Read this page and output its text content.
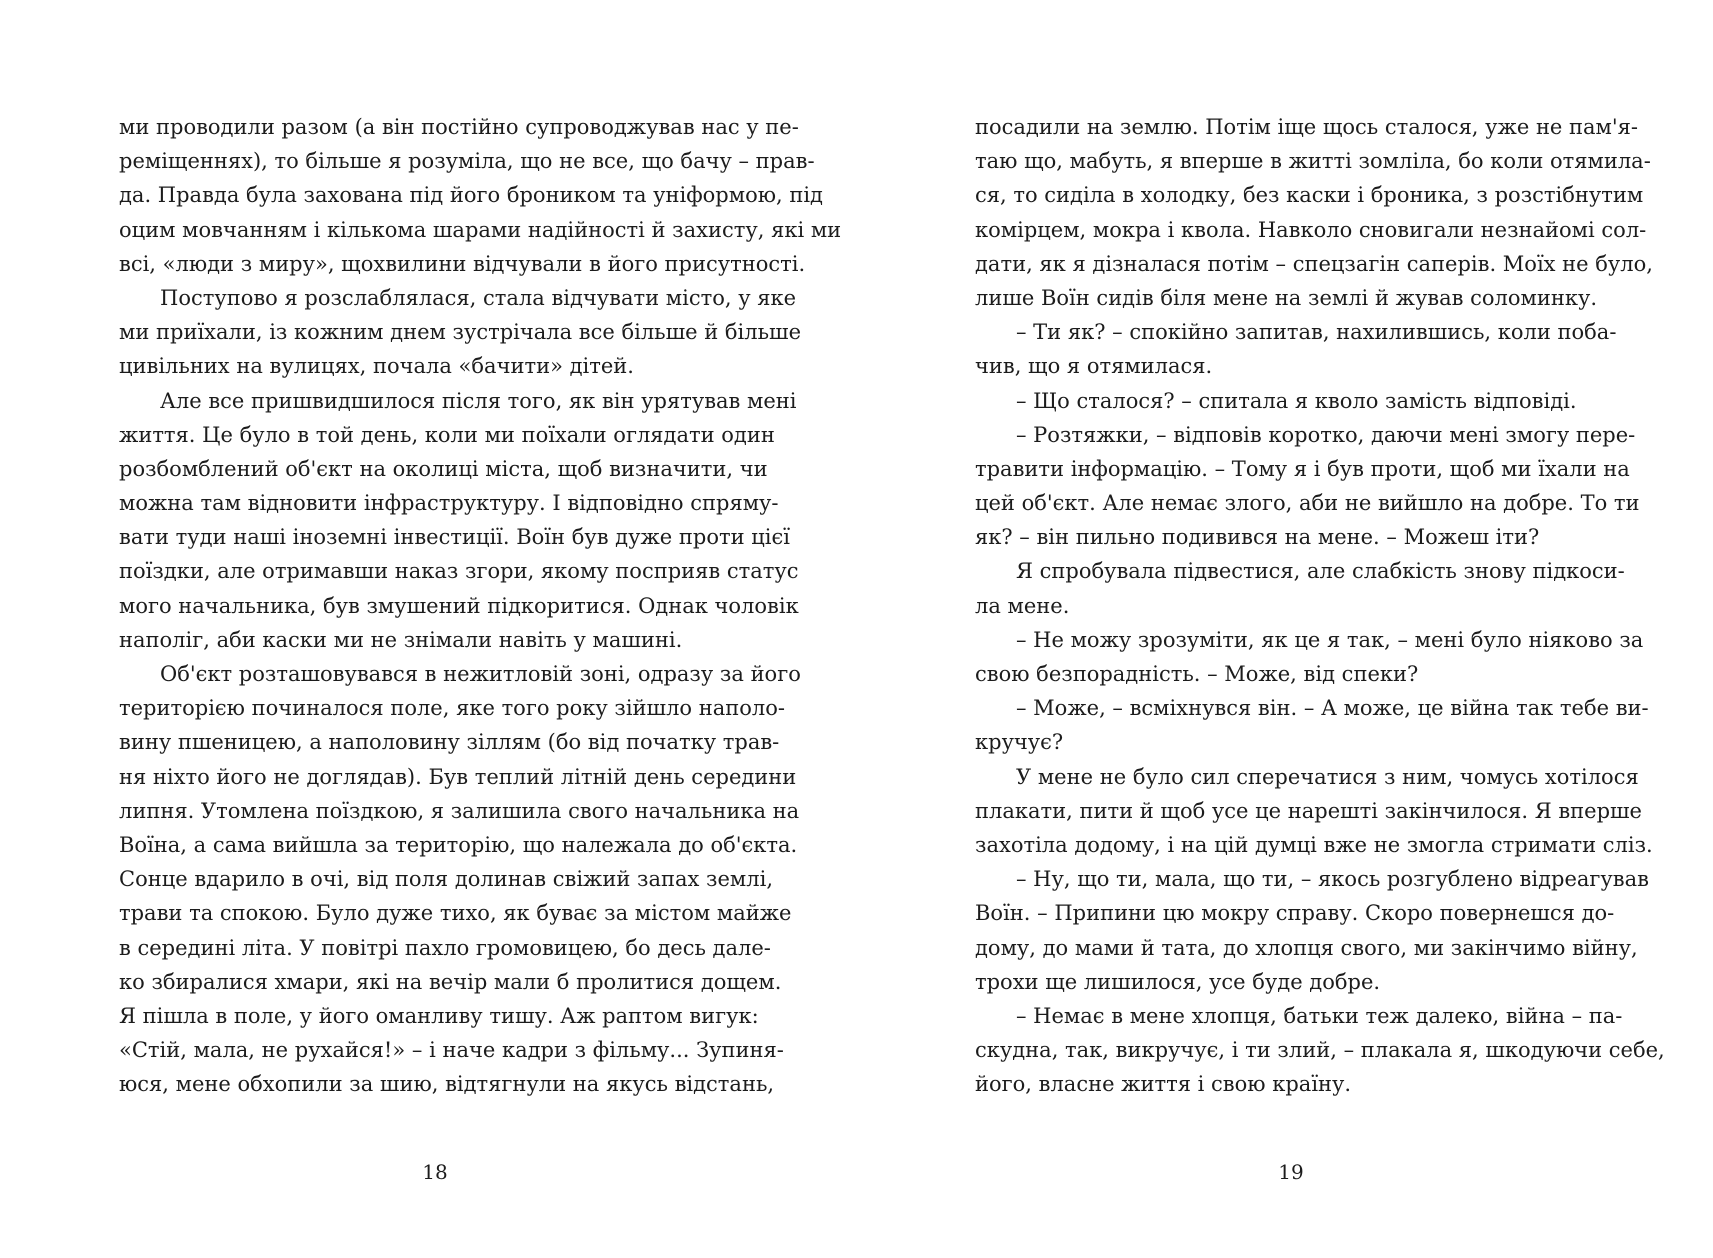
ми проводили разом (а він постійно супроводжував нас у пе-
реміщеннях), то більше я розуміла, що не все, що бачу – прав-
да. Правда була захована під його броником та уніформою, під
оцим мовчанням і кількома шарами надійності й захисту, які ми
всі, «люди з миру», щохвилини відчували в його присутності.
Поступово я розслаблялася, стала відчувати місто, у яке
ми приїхали, із кожним днем зустрічала все більше й більше
цивільних на вулицях, почала «бачити» дітей.
Але все пришвидшилося після того, як він урятував мені
життя. Це було в той день, коли ми поїхали оглядати один
розбомблений об'єкт на околиці міста, щоб визначити, чи
можна там відновити інфраструктуру. І відповідно спряму-
вати туди наші іноземні інвестиції. Воїн був дуже проти цієї
поїздки, але отримавши наказ згори, якому посприяв статус
мого начальника, був змушений підкоритися. Однак чоловік
наполіг, аби каски ми не знімали навіть у машині.
Об'єкт розташовувався в нежитловій зоні, одразу за його
територією починалося поле, яке того року зійшло наполо-
вину пшеницею, а наполовину зіллям (бо від початку трав-
ня ніхто його не доглядав). Був теплий літній день середини
липня. Утомлена поїздкою, я залишила свого начальника на
Воїна, а сама вийшла за територію, що належала до об'єкта.
Сонце вдарило в очі, від поля долинав свіжий запах землі,
трави та спокою. Було дуже тихо, як буває за містом майже
в середині літа. У повітрі пахло громовицею, бо десь дале-
ко збиралися хмари, які на вечір мали б пролитися дощем.
Я пішла в поле, у його оманливу тишу. Аж раптом вигук:
«Стій, мала, не рухайся!» – і наче кадри з фільму... Зупиня-
юся, мене обхопили за шию, відтягнули на якусь відстань,
посадили на землю. Потім іще щось сталося, уже не пам'я-
таю що, мабуть, я вперше в житті зомліла, бо коли отямила-
ся, то сиділа в холодку, без каски і броника, з розстібнутим
комірцем, мокра і квола. Навколо сновигали незнайомі сол-
дати, як я дізналася потім – спецзагін саперів. Моїх не було,
лише Воїн сидів біля мене на землі й жував соломинку.
– Ти як? – спокійно запитав, нахилившись, коли поба-
чив, що я отямилася.
– Що сталося? – спитала я кволо замість відповіді.
– Розтяжки, – відповів коротко, даючи мені змогу пере-
травити інформацію. – Тому я і був проти, щоб ми їхали на
цей об'єкт. Але немає злого, аби не вийшло на добре. То ти
як? – він пильно подивився на мене. – Можеш іти?
Я спробувала підвестися, але слабкість знову підкоси-
ла мене.
– Не можу зрозуміти, як це я так, – мені було ніяково за
свою безпорадність. – Може, від спеки?
– Може, – всміхнувся він. – А може, це війна так тебе ви-
кручує?
У мене не було сил сперечатися з ним, чомусь хотілося
плакати, пити й щоб усе це нарешті закінчилося. Я вперше
захотіла додому, і на цій думці вже не змогла стримати сліз.
– Ну, що ти, мала, що ти, – якось розгублено відреагував
Воїн. – Припини цю мокру справу. Скоро повернешся до-
дому, до мами й тата, до хлопця свого, ми закінчимо війну,
трохи ще лишилося, усе буде добре.
– Немає в мене хлопця, батьки теж далеко, війна – па-
скудна, так, викручує, і ти злий, – плакала я, шкодуючи себе,
його, власне життя і свою країну.
18	19
